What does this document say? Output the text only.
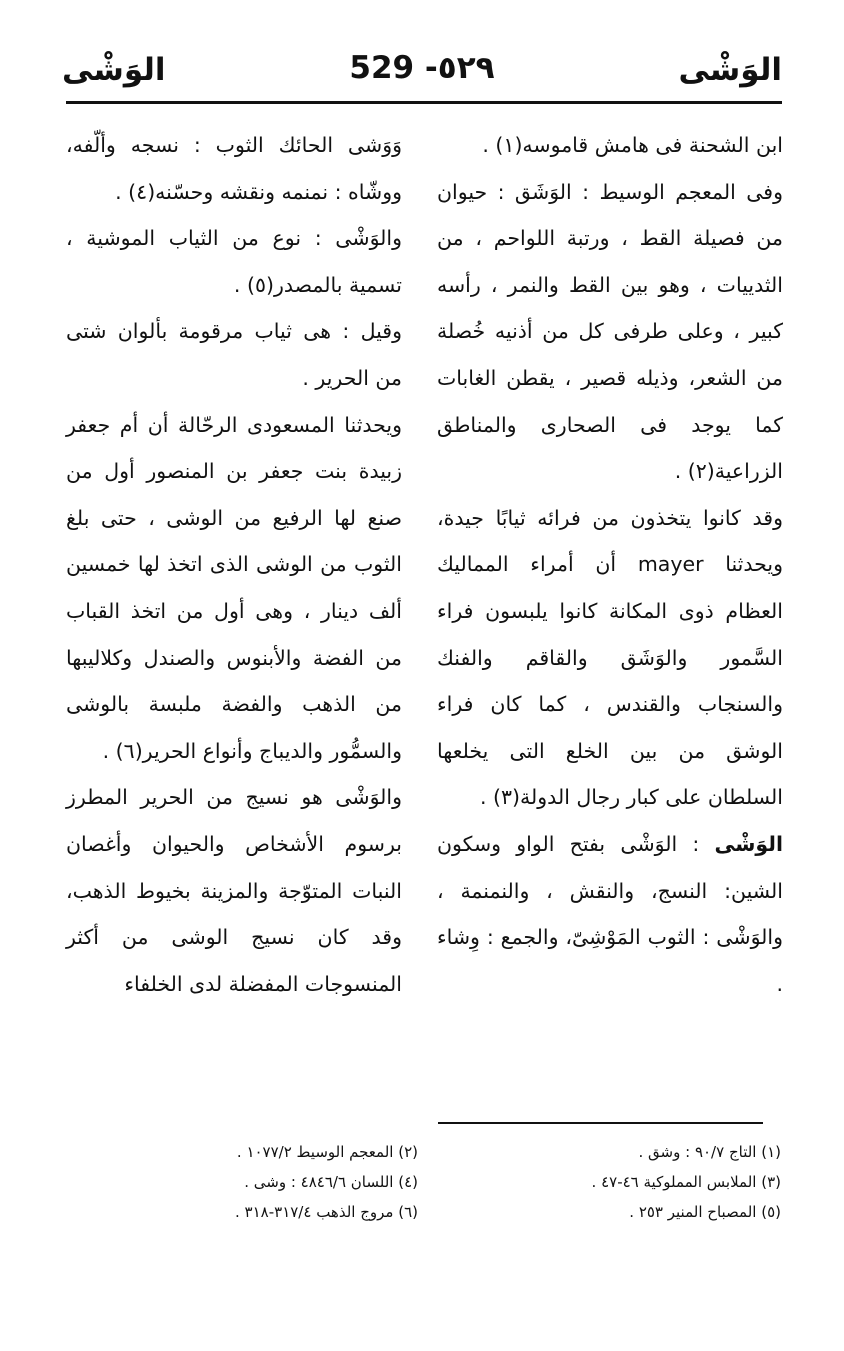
الوَشْى
529 -٥٢٩
الوَشْى

ابن الشحنة فى هامش قاموسه(١) .

وفى المعجم الوسيط : الوَشَق : حيوان من فصيلة القط ، ورتبة اللواحم ، من الثدييات ، وهو بين القط والنمر ، رأسه كبير ، وعلى طرفى كل من أذنيه خُصلة من الشعر، وذيله قصير ، يقطن الغابات كما يوجد فى الصحارى والمناطق الزراعية(٢) .

وقد كانوا يتخذون من فرائه ثيابًا جيدة، ويحدثنا mayer أن أمراء المماليك العظام ذوى المكانة كانوا يلبسون فراء السَّمور والوَشَق والقاقم والفنك والسنجاب والقندس ، كما كان فراء الوشق من بين الخلع التى يخلعها السلطان على كبار رجال الدولة(٣) .

الوَشْى : الوَشْى بفتح الواو وسكون الشين: النسج، والنقش ، والنمنمة ، والوَشْى : الثوب المَوْشِىّ، والجمع : وِشاء .

وَوَشى الحائك الثوب : نسجه وألّفه، ووشّاه : نمنمه ونقشه وحسّنه(٤) .

والوَشْى : نوع من الثياب الموشية ، تسمية بالمصدر(٥) .

وقيل : هى ثياب مرقومة بألوان شتى من الحرير .

ويحدثنا المسعودى الرحّالة أن أم جعفر زبيدة بنت جعفر بن المنصور أول من صنع لها الرفيع من الوشى ، حتى بلغ الثوب من الوشى الذى اتخذ لها خمسين ألف دينار ، وهى أول من اتخذ القباب من الفضة والأبنوس والصندل وكلاليبها من الذهب والفضة ملبسة بالوشى والسمُّور والديباج وأنواع الحرير(٦) .

والوَشْى هو نسيج من الحرير المطرز برسوم الأشخاص والحيوان وأغصان النبات المتوّجة والمزينة بخيوط الذهب، وقد كان نسيج الوشى من أكثر المنسوجات المفضلة لدى الخلفاء

(١) التاج ٩٠/٧ : وشق .
(٣) الملابس المملوكية ٤٦-٤٧ .
(٥) المصباح المنير ٢٥٣ .
(٢) المعجم الوسيط ١٠٧٧/٢ .
(٤) اللسان ٤٨٤٦/٦ : وشى .
(٦) مروج الذهب ٣١٧/٤-٣١٨ .
